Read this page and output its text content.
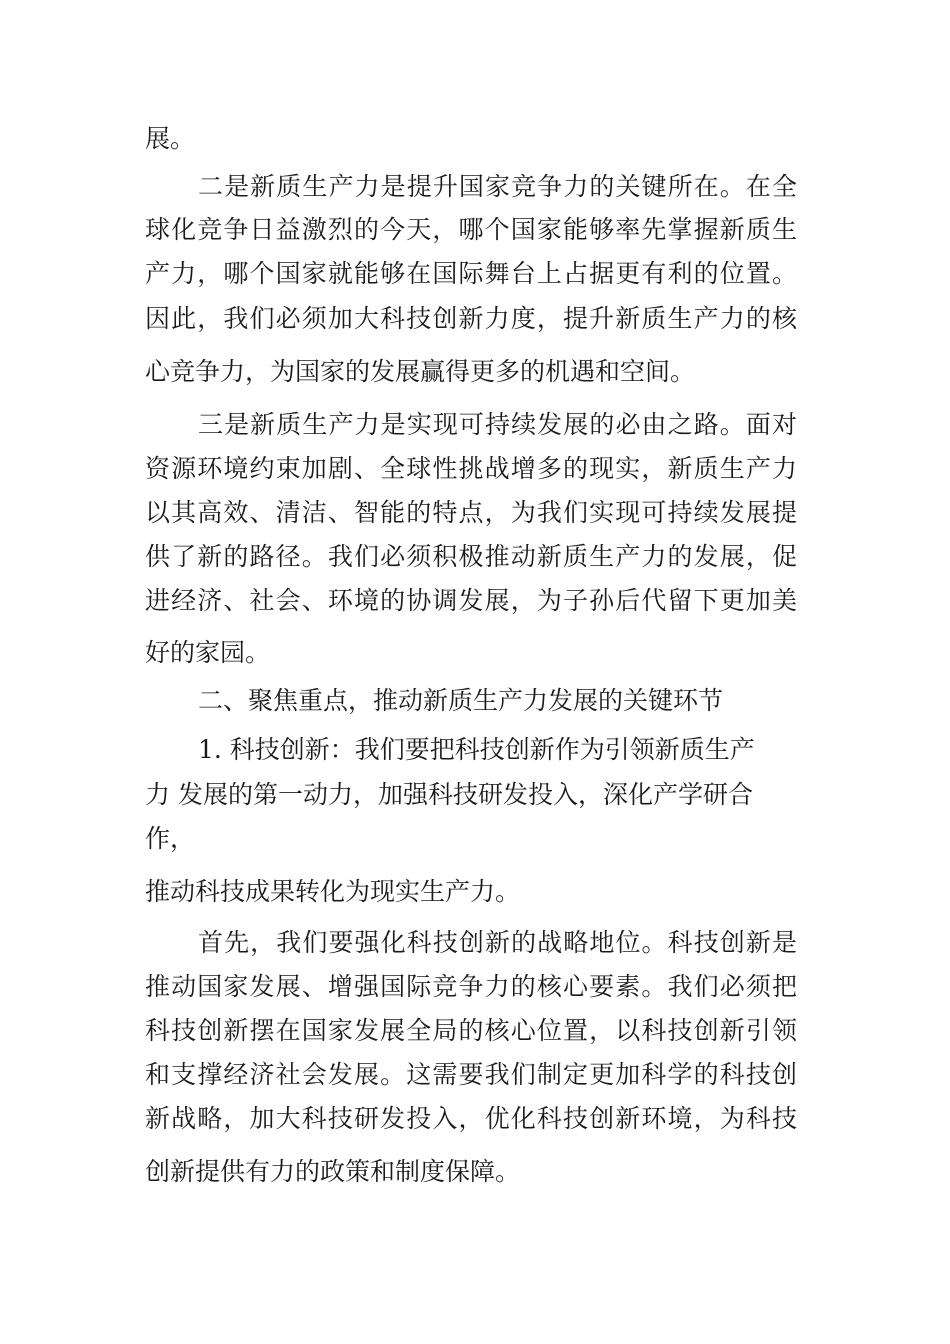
展。
二是新质生产力是提升国家竞争力的关键所在。在全
球化竞争日益激烈的今天，哪个国家能够率先掌握新质生
产力，哪个国家就能够在国际舞台上占据更有利的位置。
因此，我们必须加大科技创新力度，提升新质生产力的核
心竞争力，为国家的发展赢得更多的机遇和空间。
三是新质生产力是实现可持续发展的必由之路。面对
资源环境约束加剧、全球性挑战增多的现实，新质生产力
以其高效、清洁、智能的特点，为我们实现可持续发展提
供了新的路径。我们必须积极推动新质生产力的发展，促
进经济、社会、环境的协调发展，为子孙后代留下更加美
好的家园。
二、聚焦重点，推动新质生产力发展的关键环节
1. 科技创新：我们要把科技创新作为引领新质生产
力 发展的第一动力，加强科技研发投入，深化产学研合
作，
推动科技成果转化为现实生产力。
首先，我们要强化科技创新的战略地位。科技创新是
推动国家发展、增强国际竞争力的核心要素。我们必须把
科技创新摆在国家发展全局的核心位置，以科技创新引领
和支撑经济社会发展。这需要我们制定更加科学的科技创
新战略，加大科技研发投入，优化科技创新环境，为科技
创新提供有力的政策和制度保障。
